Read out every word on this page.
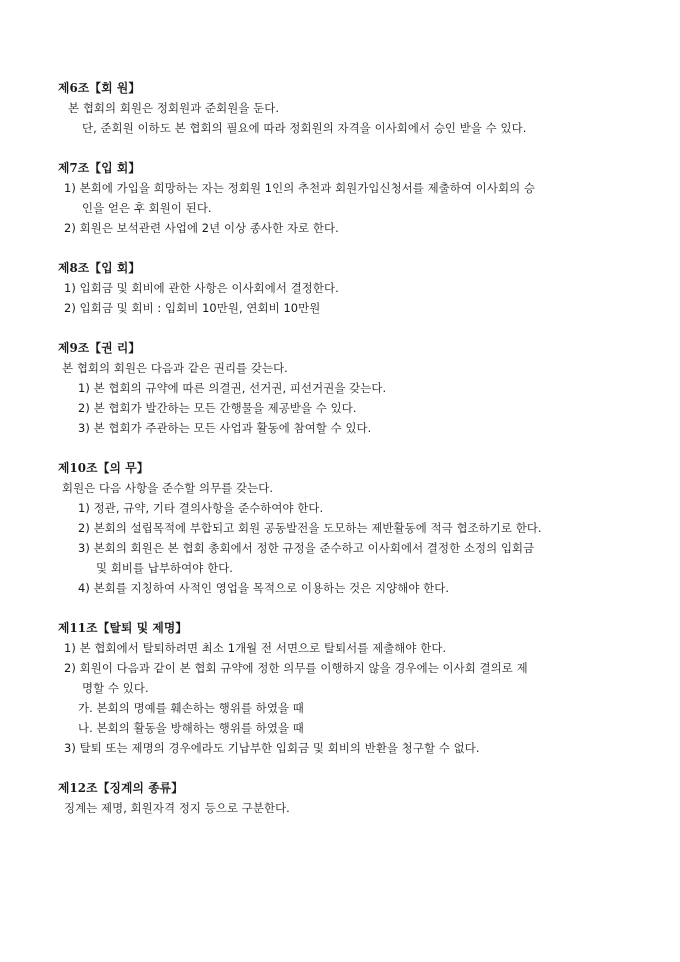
제6조【회 원】
본 협회의 회원은 정회원과 준회원을 둔다.
단, 준회원 이하도 본 협회의 필요에 따라 정회원의 자격을 이사회에서 승인 받을 수 있다.
제7조【입 회】
1) 본회에 가입을 희망하는 자는 정회원 1인의 추천과 회원가입신청서를 제출하여 이사회의 승
인을 얻은 후 회원이 된다.
2) 회원은 보석관련 사업에 2년 이상 종사한 자로 한다.
제8조【입 회】
1) 입회금 및 회비에 관한 사항은 이사회에서 결정한다.
2) 입회금 및 회비 : 입회비 10만원, 연회비 10만원
제9조【권 리】
본 협회의 회원은 다음과 같은 권리를 갖는다.
1) 본 협회의 규약에 따른 의결권, 선거권, 피선거권을 갖는다.
2) 본 협회가 발간하는 모든 간행물을 제공받을 수 있다.
3) 본 협회가 주관하는 모든 사업과 활동에 참여할 수 있다.
제10조【의 무】
회원은 다음 사항을 준수할 의무를 갖는다.
1) 정관, 규약, 기타 결의사항을 준수하여야 한다.
2) 본회의 설립목적에 부합되고 회원 공동발전을 도모하는 제반활동에 적극 협조하기로 한다.
3) 본회의 회원은 본 협회 총회에서 정한 규정을 준수하고 이사회에서 결정한 소정의 입회금
및 회비를 납부하여야 한다.
4) 본회를 지칭하여 사적인 영업을 목적으로 이용하는 것은 지양해야 한다.
제11조【탈퇴 및 제명】
1) 본 협회에서 탈퇴하려면 최소 1개월 전 서면으로 탈퇴서를 제출해야 한다.
2) 회원이 다음과 같이 본 협회 규약에 정한 의무를 이행하지 않을 경우에는 이사회 결의로 제
명할 수 있다.
가. 본회의 명예를 훼손하는 행위를 하였을 때
나. 본회의 활동을 방해하는 행위를 하였을 때
3) 탈퇴 또는 제명의 경우에라도 기납부한 입회금 및 회비의 반환을 청구할 수 없다.
제12조【징계의 종류】
징계는 제명, 회원자격 정지 등으로 구분한다.
